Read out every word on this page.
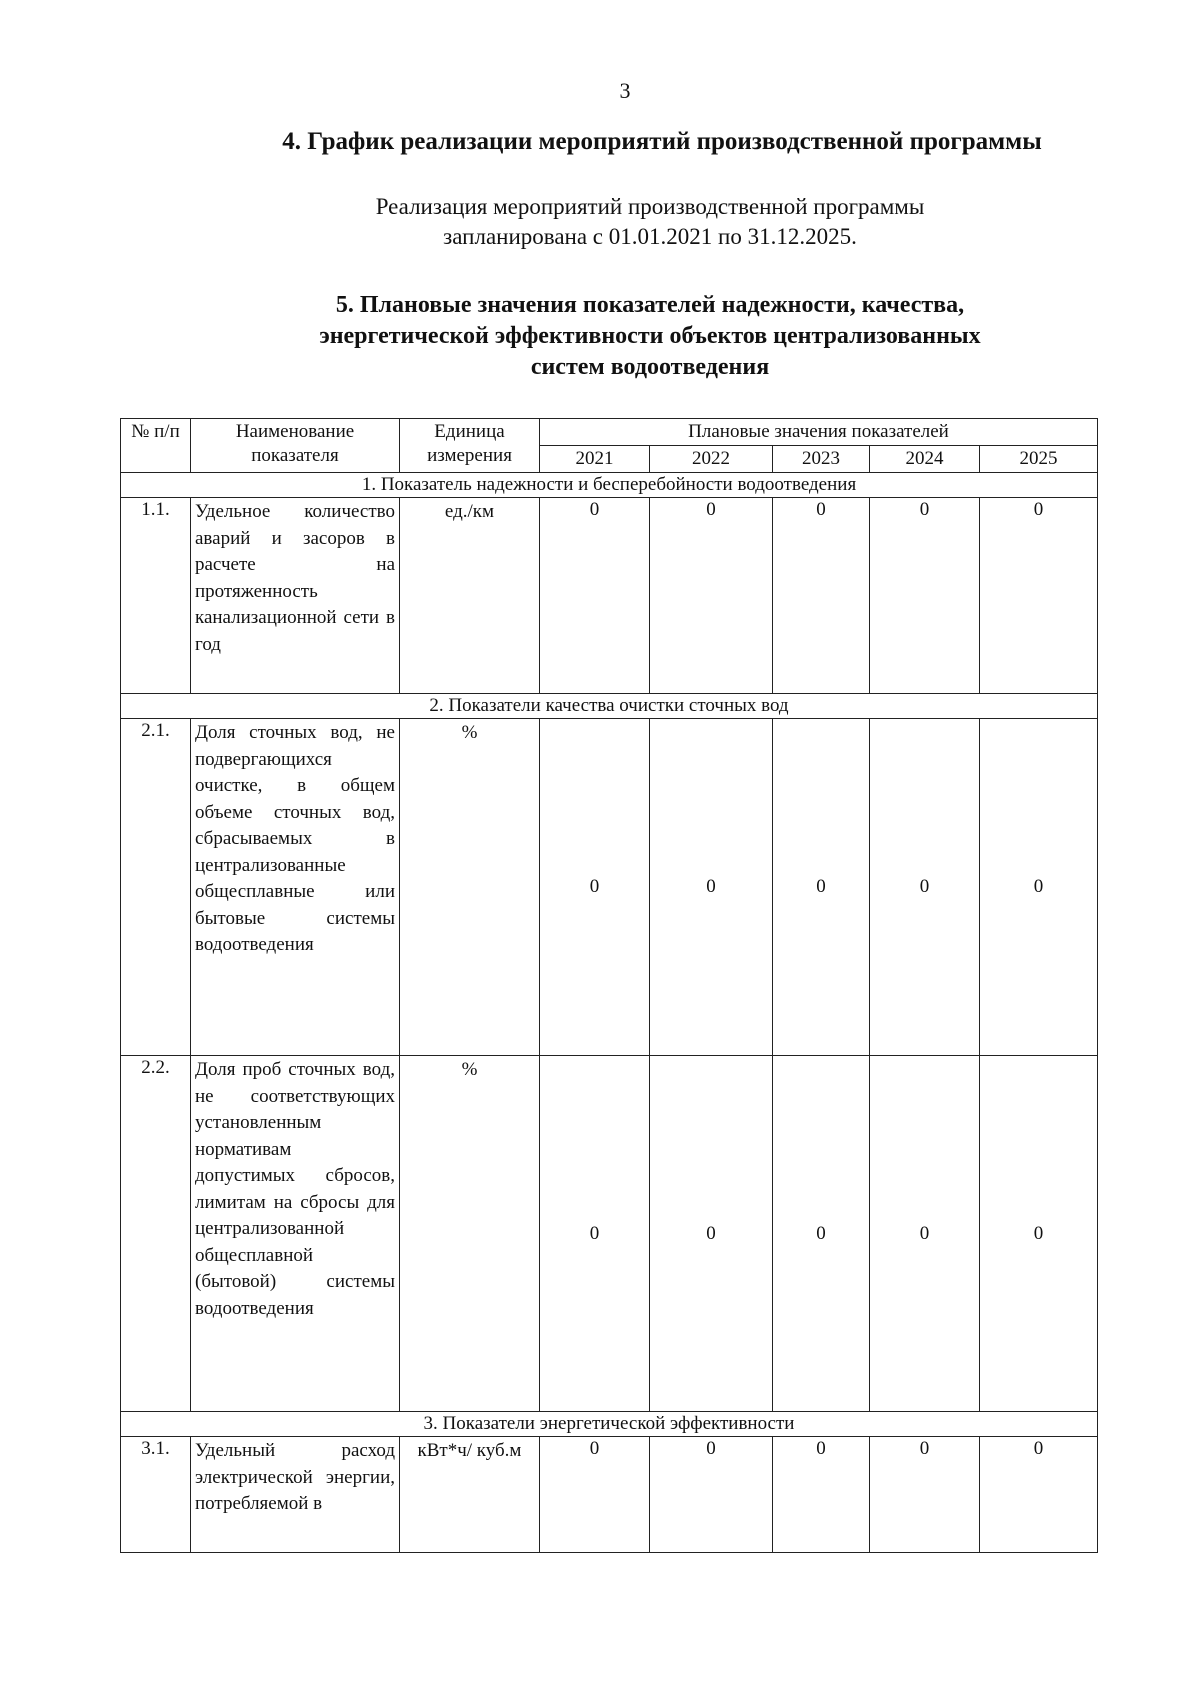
3
4. График реализации мероприятий производственной программы
Реализация мероприятий производственной программы
запланирована с 01.01.2021 по 31.12.2025.
5. Плановые значения показателей надежности, качества,
энергетической эффективности объектов централизованных
систем водоотведения
№ п/п	Наименование показателя	Единица измерения	Плановые значения показателей				
			2021	2022	2023	2024	2025
1. Показатель надежности и бесперебойности водоотведения							
1.1.	Удельное количество аварий и засоров в расчете на протяженность канализационной сети в год	ед./км	0	0	0	0	0
2. Показатели качества очистки сточных вод							
2.1.	Доля сточных вод, не подвергающихся очистке, в общем объеме сточных вод, сбрасываемых в централизованные общесплавные или бытовые системы водоотведения	%	0	0	0	0	0
2.2.	Доля проб сточных вод, не соответствующих установленным нормативам допустимых сбросов, лимитам на сбросы для централизованной общесплавной (бытовой) системы водоотведения	%	0	0	0	0	0
3. Показатели энергетической эффективности							
3.1.	Удельный расход электрической энергии, потребляемой в	кВт*ч/ куб.м	0	0	0	0	0
